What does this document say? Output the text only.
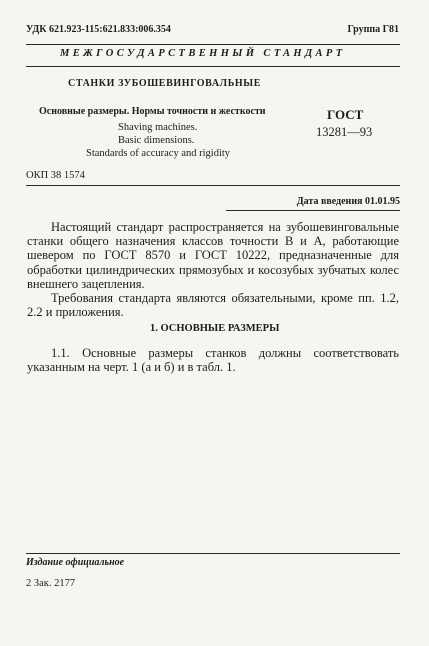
УДК 621.923-115:621.833:006.354	Группа Г81
МЕЖГОСУДАРСТВЕННЫЙ СТАНДАРТ
СТАНКИ ЗУБОШЕВИНГОВАЛЬНЫЕ
Основные размеры. Нормы точности и жесткости
Shaving machines.
Basic dimensions.
Standards of accuracy and rigidity
ГОСТ
13281—93
ОКП 38 1574
Дата введения 01.01.95

Настоящий стандарт распространяется на зубошевинговальные станки общего назначения классов точности В и А, работающие шевером по ГОСТ 8570 и ГОСТ 10222, предназначенные для обработки цилиндрических прямозубых и косозубых зубчатых колес внешнего зацепления.

Требования стандарта являются обязательными, кроме пп. 1.2, 2.2 и приложения.

1. ОСНОВНЫЕ РАЗМЕРЫ

1.1. Основные размеры станков должны соответствовать указанным на черт. 1 (а и б) и в табл. 1.

Издание официальное
2 Зак. 2177
